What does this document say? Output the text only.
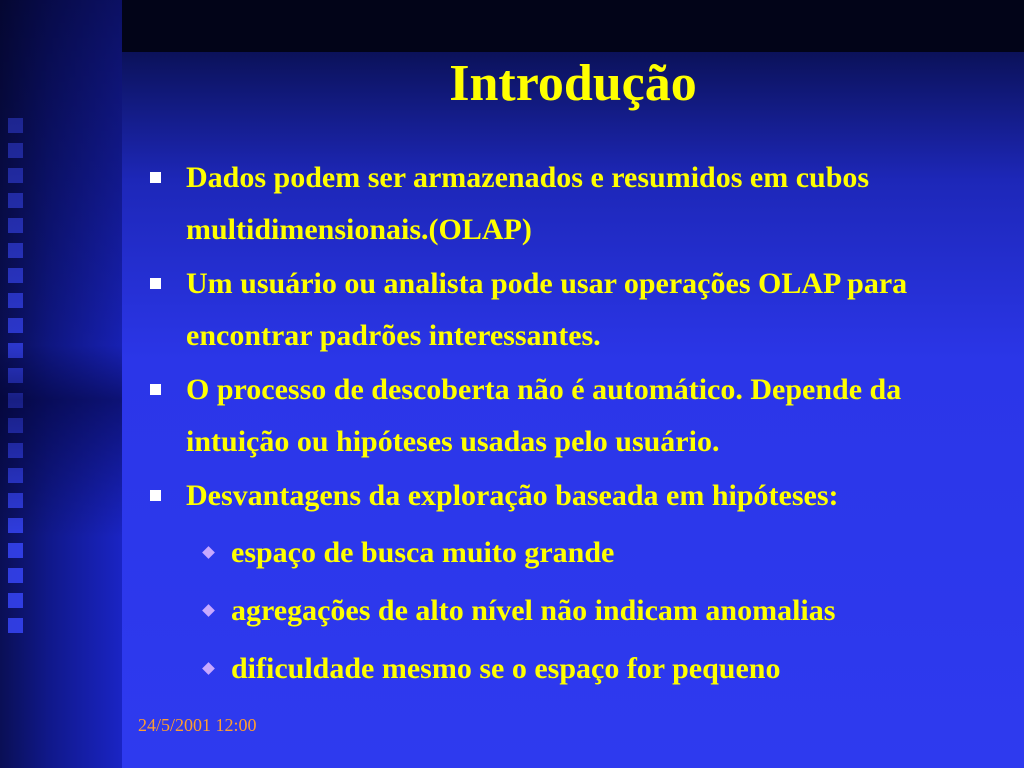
Introdução
Dados podem ser armazenados e resumidos em cubos multidimensionais.(OLAP)
Um usuário ou analista pode usar operações OLAP para encontrar padrões interessantes.
O processo de descoberta não é automático. Depende da intuição ou hipóteses usadas pelo usuário.
Desvantagens da exploração baseada em hipóteses:
espaço de busca muito grande
agregações de alto nível não indicam anomalias
dificuldade mesmo se o espaço for pequeno
24/5/2001 12:00
